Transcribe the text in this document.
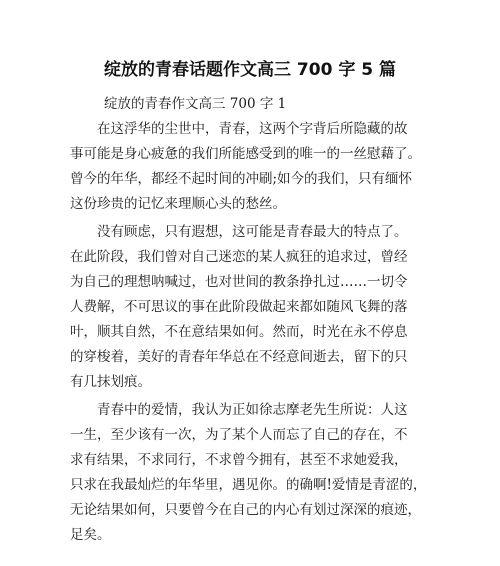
绽放的青春话题作文高三 700 字 5 篇

绽放的青春作文高三 700 字 1

在这浮华的尘世中，青春，这两个字背后所隐藏的故
事可能是身心疲惫的我们所能感受到的唯一的一丝慰藉了。
曾今的年华，都经不起时间的冲刷;如今的我们，只有缅怀
这份珍贵的记忆来理顺心头的愁丝。

没有顾虑，只有遐想，这可能是青春最大的特点了。
在此阶段，我们曾对自己迷恋的某人疯狂的追求过，曾经
为自己的理想呐喊过，也对世间的教条挣扎过……一切令
人费解，不可思议的事在此阶段做起来都如随风飞舞的落
叶，顺其自然，不在意结果如何。然而，时光在永不停息
的穿梭着，美好的青春年华总在不经意间逝去，留下的只
有几抹划痕。

青春中的爱情，我认为正如徐志摩老先生所说：人这
一生，至少该有一次，为了某个人而忘了自己的存在，不
求有结果，不求同行，不求曾今拥有，甚至不求她爱我，
只求在我最灿烂的年华里，遇见你。的确啊!爱情是青涩的，
无论结果如何，只要曾今在自己的内心有划过深深的痕迹，
足矣。
